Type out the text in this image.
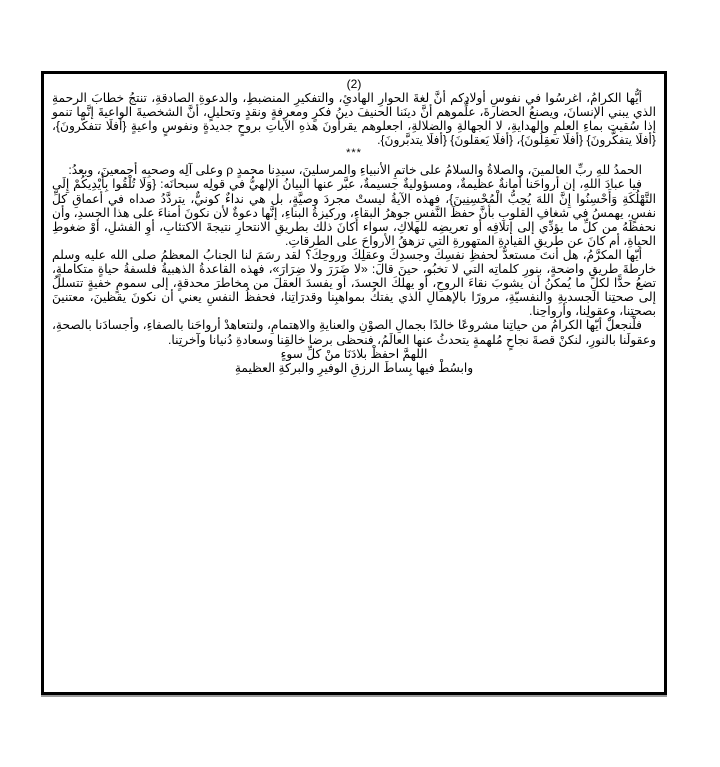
(2)

أيُّها الكرامُ، اغرسُوا في نفوسِ أولادِكم أنَّ لغةَ الحوارِ الهادئِ، والتفكيرِ المنضبطِ، والدعوةِ الصادقةِ، تنتجُ خطابَ الرحمةِ الذي يبني الإنسانَ، ويصنعُ الحضارةَ، علِّموهم أنَّ دينَنا الحنيفَ دينُ فكرٍ ومعرفةٍ ونقدٍ وتحليلٍ، أنَّ الشخصيةَ الواعيةَ إنَّما تنمو إذا سُقيت بماءِ العلمِ والهدايةِ، لا الجهالةِ والضلالةِ، اجعلوهم يقرأونَ هذهِ الآياتِ بروحٍ جديدةٍ ونفوسٍ واعيةٍ {أفلَا تتفكَّرونَ}، {أفلَا يتفكَّرونَ} {أفلَا تعقِلُونَ}، {أفلَا يَعقلونَ} {أفلَا يتدبَّرونَ}.

***

الحمدُ للهِ ربِّ العالمينَ، والصلاةُ والسلامُ على خاتمِ الأنبياءِ والمرسلينَ، سيدِنا محمدٍ ρ وعلى آلِه وصحبِه أجمعينَ، وبعدُ:

فيا عبادَ اللهِ، إن أرواحَنا أمانةٌ عظيمةٌ، ومسؤوليةٌ جسيمةٌ، عبَّر عنها البيانُ الإلهيُّ في قولِه سبحانَه: {وَلَا تُلْقُوا بِأَيْدِيكُمْ إِلَى التَّهْلُكَةِ وَأَحْسِنُوا إِنَّ اللهَ يُحِبُّ الْمُحْسِنِينَ}، فهذه الآيةُ ليستْ مجردَ وصيَّةٍ، بل هي نداءٌ كونيٌّ، يتردَّدُ صداه في أعماقِ كلِّ نفسٍ، يهمسُ في شغافِ القلوبِ بأنَّ حفظَ النَّفسِ جوهرُ البقاءِ، وركيزةُ البناءِ، إنَّها دعوةٌ لأن نكونَ أمناءَ على هذا الجسدِ، وأن نحفظَهُ من كلِّ ما يؤدِّي إلى إتلافِه أو تعريضِه للهلاكِ، سواء أكانَ ذلك بطريقِ الانتحارِ نتيجةَ الاكتئابِ، أوِ الفشلِ، أوْ ضغوطِ الحياةِ، أم كانَ عن طريقِ القيادةِ المتهورةِ التي تزهقُ الأرواحَ على الطرقاتِ.

أيّها المكرَّمُ، هل أنتَ مستعدٌّ لحفظِ نفسِكَ وجسدِكَ وعقلِكَ وروحِكَ؟ لقد رسَمَ لنا الجنابُ المعظمُ صلى الله عليه وسلم خارطةَ طريقٍ واضحةٍ، بنورِ كلماتِه التي لا تخبُو، حينَ قالَ: «لا ضَرَرَ ولا ضِرَارَ»، فهذه القاعدةُ الذهبيةُ فلسفةُ حياةٍ متكاملةٍ، تضعُ حدًّا لكلِ ما يُمكنُ أن يشوبَ نقاءَ الروحِ، أو يهلكَ الجسدَ، أو يفسدَ العقلَ من مخاطرَ محدقةٍ، إلى سمومٍ خفيةٍ تتسللُ إلى صحتِنا الجسديةِ والنفسيّةِ، مرورًا بالإهمالِ الذي يفتكُ بمواهبِنا وقدرَاتِنا، فحفظُ النفسِ يعني أن نكونَ يقظينَ، معتنينَ بصحتِنا، وعقولِنا، وأرواحِنا.

فلْنجعلْ أيّها الكرامُ من حياتِنا مشروعًا خالدًا بجمالِ الصوْنِ والعنايةِ والاهتمامِ، ولنتعاهدْ أرواحَنا بالصفاءِ، وأجسادَنا بالصحةِ، وعقولَنا بالنورِ، لنكنْ قصةَ نجاحٍ مُلهمةٍ يتحدثُ عنها العالَمُ، فنحظى برضا خالقِنا وسعادةِ دُنيانا وآخرتِنا.

اللهمَّ احفظْ بلادَنَا منْ كلِّ سوءٍ

وابسُطْ فيها بِساطَ الرزقِ الوفيرِ والبركةِ العظيمةِ
